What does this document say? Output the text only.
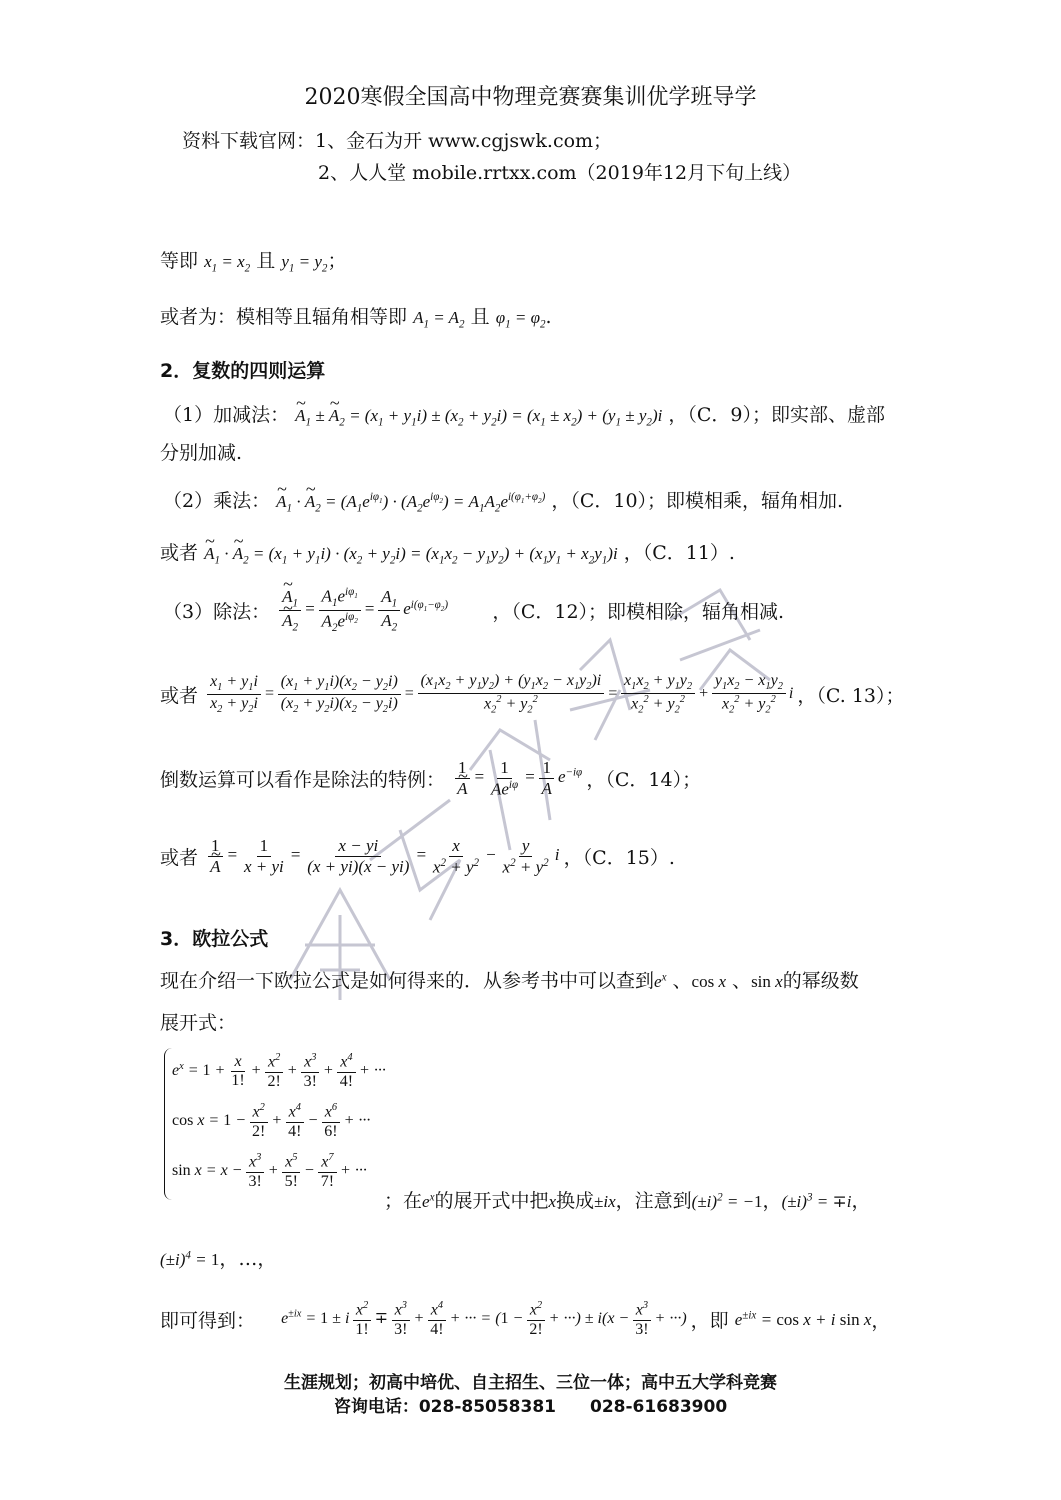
2020寒假全国高中物理竞赛赛集训优学班导学
资料下载官网：1、金石为开 www.cgjswk.com；
2、人人堂 mobile.rrtxx.com（2019年12月下旬上线）
等即 $x_1 = x_2$ 且 $y_1 = y_2$；
或者为：模相等且辐角相等即 $A_1 = A_2$ 且 $\varphi_1 = \varphi_2$.
2．复数的四则运算
（1）加减法： ~ $A_1$ ± ~ $A_2 = (x_1 + y_1i) \pm (x_2 + y_2i) = (x_1 \pm x_2) + (y_1 \pm y_2)i$ ，（C．9）；即实部、虚部
分别加减.
（2）乘法： ~ $A_1$ · ~ $A_2 = (A_1e^{i\varphi_1}) \cdot (A_2e^{i\varphi_2}) = A_1A_2e^{i(\varphi_1+\varphi_2)}$ ，（C．10）；即模相乘，辐角相加.
或者 ~ $A_1$ · ~ $A_2 = (x_1 + y_1i) \cdot (x_2 + y_2i) = (x_1x_2 - y_1y_2) + (x_1y_1 + x_2y_1)i$ ，（C．11）.
（3）除法： ~ $A_1$
~ $A_2 = \frac{A_1e^{i\varphi_1}}{A_2e^{i\varphi_2}} = \frac{A_1}{A_2} e^{i(\varphi_1-\varphi_2)}$ ，（C．12）；即模相除，辐角相减.
或者 $\frac{x_1 + y_1i}{x_2 + y_2i} = \frac{(x_1 + y_1i)(x_2 - y_2i)}{(x_2 + y_2i)(x_2 - y_2i)} = \frac{(x_1x_2 + y_1y_2) + (y_1x_2 - x_1y_2)i}{x_2^2 + y_2^2} = \frac{x_1x_2 + y_1y_2}{x_2^2 + y_2^2} + \frac{y_1x_2 - x_1y_2}{x_2^2 + y_2^2}$ i ，（C. 13）；
倒数运算可以看作是除法的特例： 1
~ $A = \frac{1}{Ae^{i\varphi}} = \frac{1}{A} e^{-i\varphi}$ ，（C．14）；
或者 1
~ $A = \frac{1}{x + yi} = \frac{x - yi}{(x + yi)(x - yi)} = \frac{x}{x^2 + y^2} - \frac{y}{x^2 + y^2}$ i ，（C．15）.
3．欧拉公式
现在介绍一下欧拉公式是如何得来的．从参考书中可以查到$e^x$ 、cos x 、sin x的幂级数
展开式：
$e^x = 1 + \frac{x}{1!} + \frac{x^2}{2!} + \frac{x^3}{3!} + \frac{x^4}{4!}$ + ···
$\cos x = 1 - \frac{x^2}{2!} + \frac{x^4}{4!} - \frac{x^6}{6!}$ + ···
$\sin x = x - \frac{x^3}{3!} + \frac{x^5}{5!} - \frac{x^7}{7!}$ + ···
；在$e^x$的展开式中把x换成±ix，注意到$(\pm i)^2 = -1$，$(\pm i)^3 = \mp i$，
$(\pm i)^4 = 1$，…，
即可得到： $e^{\pm ix} = 1 \pm i \frac{x^2}{1!} \mp \frac{x^3}{3!} + \frac{x^4}{4!}$ + ··· = ($1 - \frac{x^2}{2!}$ + ···) ± $i(x - \frac{x^3}{3!}$ + ···) ，即 $e^{\pm ix} = \cos x + i$ sin x，
生涯规划；初高中培优、自主招生、三位一体；高中五大学科竞赛
咨询电话：028-85058381　　028-61683900
